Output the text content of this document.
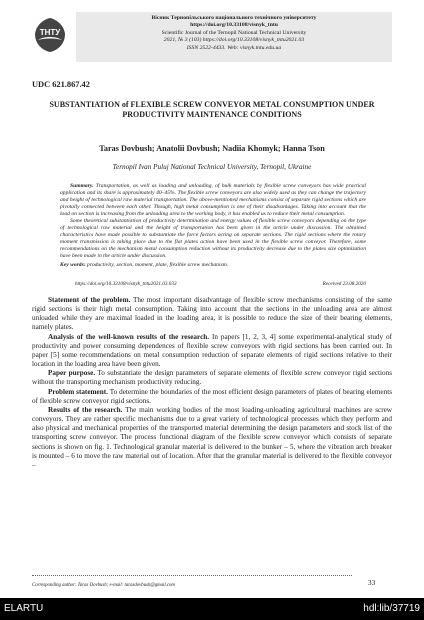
ТНТУ
Вісник Тернопільського національного технічного університету
https://doi.org/10.33108/visnyk_tntu
Scientific Journal of the Ternopil National Technical University
2021, № 3 (103) https://doi.org/10.33108/visnyk_tntu2021.03
ISSN 2522-4433. Web: visnyk.tntu.edu.ua
UDC 621.867.42
SUBSTANTIATION of FLEXIBLE SCREW CONVEYOR METAL CONSUMPTION UNDER PRODUCTIVITY MAINTENANCE CONDITIONS
Taras Dovbush; Anatolii Dovbush; Nadiia Khomyk; Hanna Tson
Ternopil Ivan Puluj National Technical University, Ternopil, Ukraine

Summary. Transportation, as well as loading and unloading, of bulk materials by flexible screw conveyors has wide practical application and its share is approximately 40–45%. The flexible screw conveyors are also widely used as they can change the trajectory and height of technological raw material transportation. The above-mentioned mechanisms consist of separate rigid sections which are pivotally connected between each other. Though, high metal consumption is one of their disadvantages. Taking into account that the load on section is increasing from the unloading area to the working body, it has enabled us to reduce their metal consumption.

Some theoretical substantiation of productivity determination and energy values of flexible screw conveyors depending on the type of technological raw material and the height of transportation has been given in the article under discussion. The obtained characteristics have made possible to substantiate the force factors acting on separate sections. The rigid sections where the rotary moment transmission is taking place due to the flat plates action have been used in the flexible screw conveyor. Therefore, some recommendations on the mechanism metal consumption reduction without its productivity decrease due to the plates size optimization have been made in the article under discussion.

Key words: productivity, section, moment, plate, flexible screw mechanism.
https://doi.org/10.33108/visnyk_tntu2021.03.033	Received 23.08.2020

Statement of the problem. The most important disadvantage of flexible screw mechanisms consisting of the same rigid sections is their high metal consumption. Taking into account that the sections in the unloading area are almost unloaded while they are maximal loaded in the loading area, it is possible to reduce the size of their bearing elements, namely plates.

Analysis of the well-known results of the research. In papers [1, 2, 3, 4] some experimental-analytical study of productivity and power consuming dependences of flexible screw conveyors with rigid sections has been carried out. In paper [5] some recommendations on metal consumption reduction of separate elements of rigid sections relative to their location in the loading area have been given.

Paper purpose. To substantiate the design parameters of separate elements of flexible screw conveyor rigid sections without the transporting mechanism productivity reducing.

Problem statement. To determine the boundaries of the most efficient design parameters of plates of bearing elements of flexible screw conveyor rigid sections.

Results of the research. The main working bodies of the most loading-unloading agricultural machines are screw conveyors. They are rather specific mechanisms due to a great variety of technological processes which they perform and also physical and mechanical properties of the transported material determining the design parameters and stock list of the transporting screw conveyor. The process functional diagram of the flexible screw conveyor which consists of separate sections is shown on fig. 1. Technological granular material is delivered to the bunker – 5, where the vibration arch breaker is mounted – 6 to move the raw material out of location. After that the granular material is delivered to the flexible conveyor –

Corresponding author: Taras Dovbush; e-mail: tarasdovbush@gmail.com	33
ELARTU	hdl:lib/37719
